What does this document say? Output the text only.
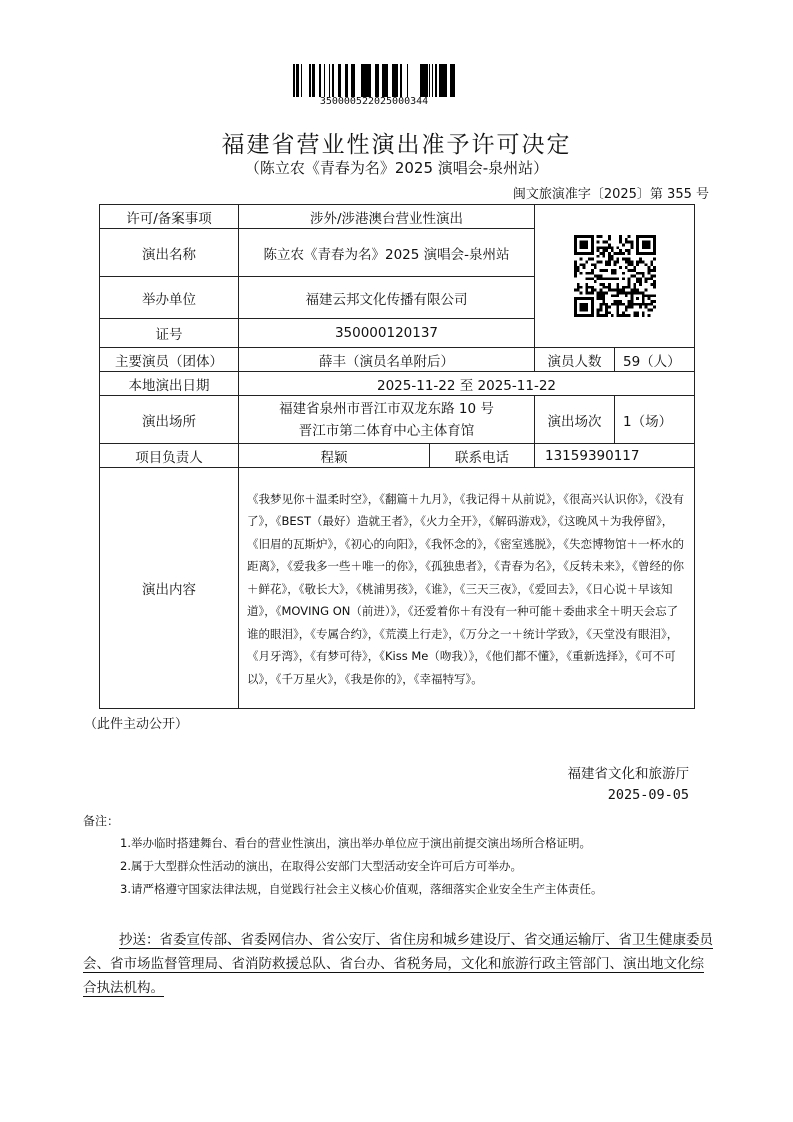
350000522025000344
福建省营业性演出准予许可决定
（陈立农《青春为名》2025 演唱会-泉州站）
闽文旅演准字〔2025〕第 355 号
许可/备案事项	涉外/涉港澳台营业性演出	

演出名称	陈立农《青春为名》2025 演唱会-泉州站			
举办单位	福建云邦文化传播有限公司			
证号	350000120137			
主要演员（团体）	薛丰（演员名单附后）		演员人数	59（人）
本地演出日期	2025-11-22 至 2025-11-22			
演出场所	福建省泉州市晋江市双龙东路 10 号
晋江市第二体育中心主体育馆		演出场次	1（场）
项目负责人	程颖	联系电话	13159390117	
演出内容	《我梦见你＋温柔时空》，《翻篇＋九月》，《我记得＋从前说》，《很高兴认识你》，《没有了》，《BEST（最好）造就王者》，《火力全开》，《解码游戏》，《这晚风＋为我停留》，《旧眉的瓦斯炉》，《初心的向阳》，《我怀念的》，《密室逃脱》，《失恋博物馆＋一杯水的距离》，《爱我多一些＋唯一的你》，《孤独患者》，《青春为名》，《反转未来》，《曾经的你＋鲜花》，《敬长大》，《桃浦男孩》，《谁》，《三天三夜》，《爱回去》，《日心说＋早该知道》，《MOVING ON（前进）》，《还爱着你＋有没有一种可能＋委曲求全＋明天会忘了谁的眼泪》，《专属合约》，《荒漠上行走》，《万分之一＋统计学致》，《天堂没有眼泪》，《月牙湾》，《有梦可待》，《Kiss Me（吻我）》，《他们都不懂》，《重新选择》，《可不可以》，《千万星火》，《我是你的》，《幸福特写》。			
（此件主动公开）
福建省文化和旅游厅
2025-09-05
备注：
1.举办临时搭建舞台、看台的营业性演出，演出举办单位应于演出前提交演出场所合格证明。
2.属于大型群众性活动的演出，在取得公安部门大型活动安全许可后方可举办。
3.请严格遵守国家法律法规，自觉践行社会主义核心价值观，落细落实企业安全生产主体责任。
抄送：省委宣传部、省委网信办、省公安厅、省住房和城乡建设厅、省交通运输厅、省卫生健康委员会、省市场监督管理局、省消防救援总队、省台办、省税务局，文化和旅游行政主管部门、演出地文化综合执法机构。
